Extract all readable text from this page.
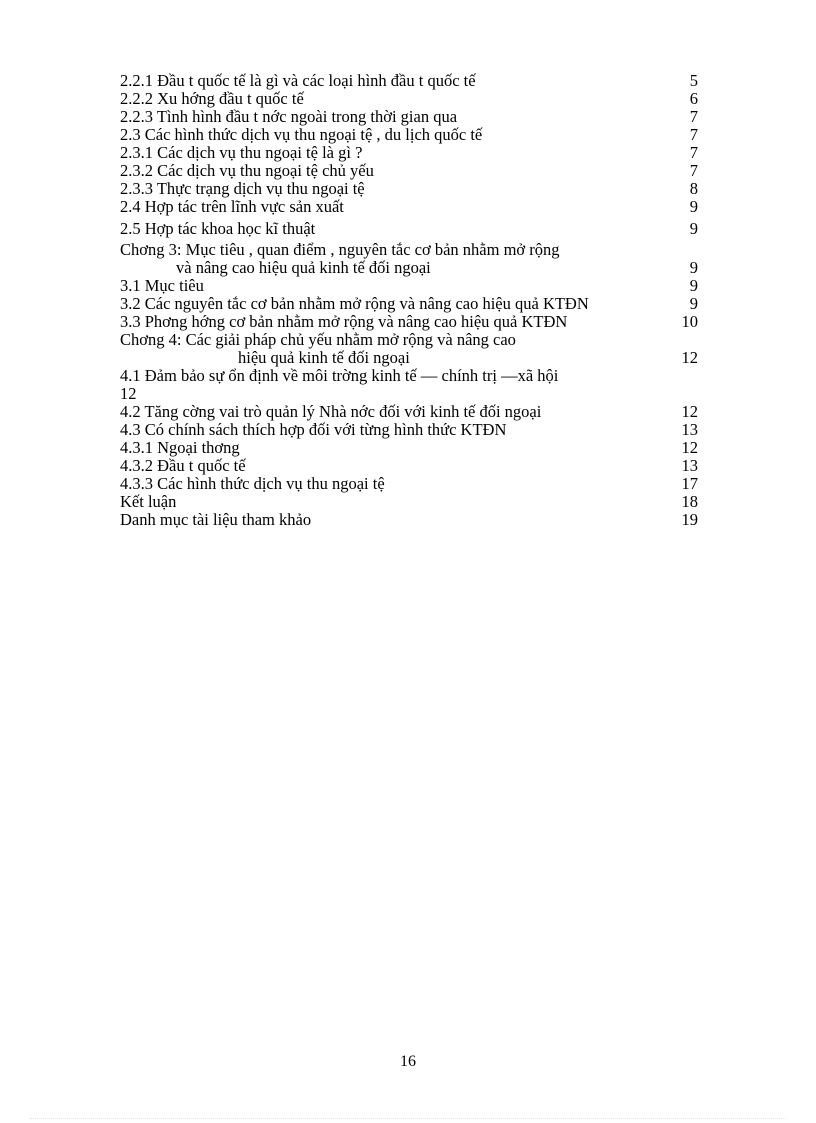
2.2.1 Đầu t quốc tế là gì và các loại hình đầu t quốc tế	5
2.2.2 Xu hớng đầu t quốc tế	6
2.2.3 Tình hình đầu t nớc ngoài trong thời gian qua	7
2.3 Các hình thức dịch vụ thu ngoại tệ , du lịch quốc tế	7
2.3.1 Các dịch vụ thu ngoại tệ là gì ?	7
2.3.2 Các dịch vụ thu ngoại tệ chủ yếu	7
2.3.3 Thực trạng dịch vụ thu ngoại tệ	8
2.4 Hợp tác trên lĩnh vực sản xuất	9
2.5 Hợp tác khoa học kĩ thuật	9
Chơng 3: Mục tiêu , quan điểm , nguyên tắc cơ bản nhằm mở rộng
và nâng cao hiệu quả kinh tế đối ngoại	9
3.1 Mục tiêu	9
3.2 Các nguyên tắc cơ bản nhằm mở rộng và nâng cao hiệu quả KTĐN	9
3.3 Phơng hớng cơ bản nhằm mở rộng và nâng cao hiệu quả KTĐN	10
Chơng 4: Các giải pháp chủ yếu nhằm mở rộng và nâng cao
hiệu quả kinh tế đối ngoại	12
4.1 Đảm bảo sự ổn định về môi trờng kinh tế — chính trị —xã hội
12
4.2 Tăng cờng vai trò quản lý Nhà nớc đối với kinh tế đối ngoại	12
4.3 Có chính sách thích hợp đối với từng hình thức KTĐN	13
4.3.1 Ngoại thơng	12
4.3.2 Đầu t quốc tế	13
4.3.3 Các hình thức dịch vụ thu ngoại tệ	17
Kết luận	18
Danh mục tài liệu tham khảo	19
16
